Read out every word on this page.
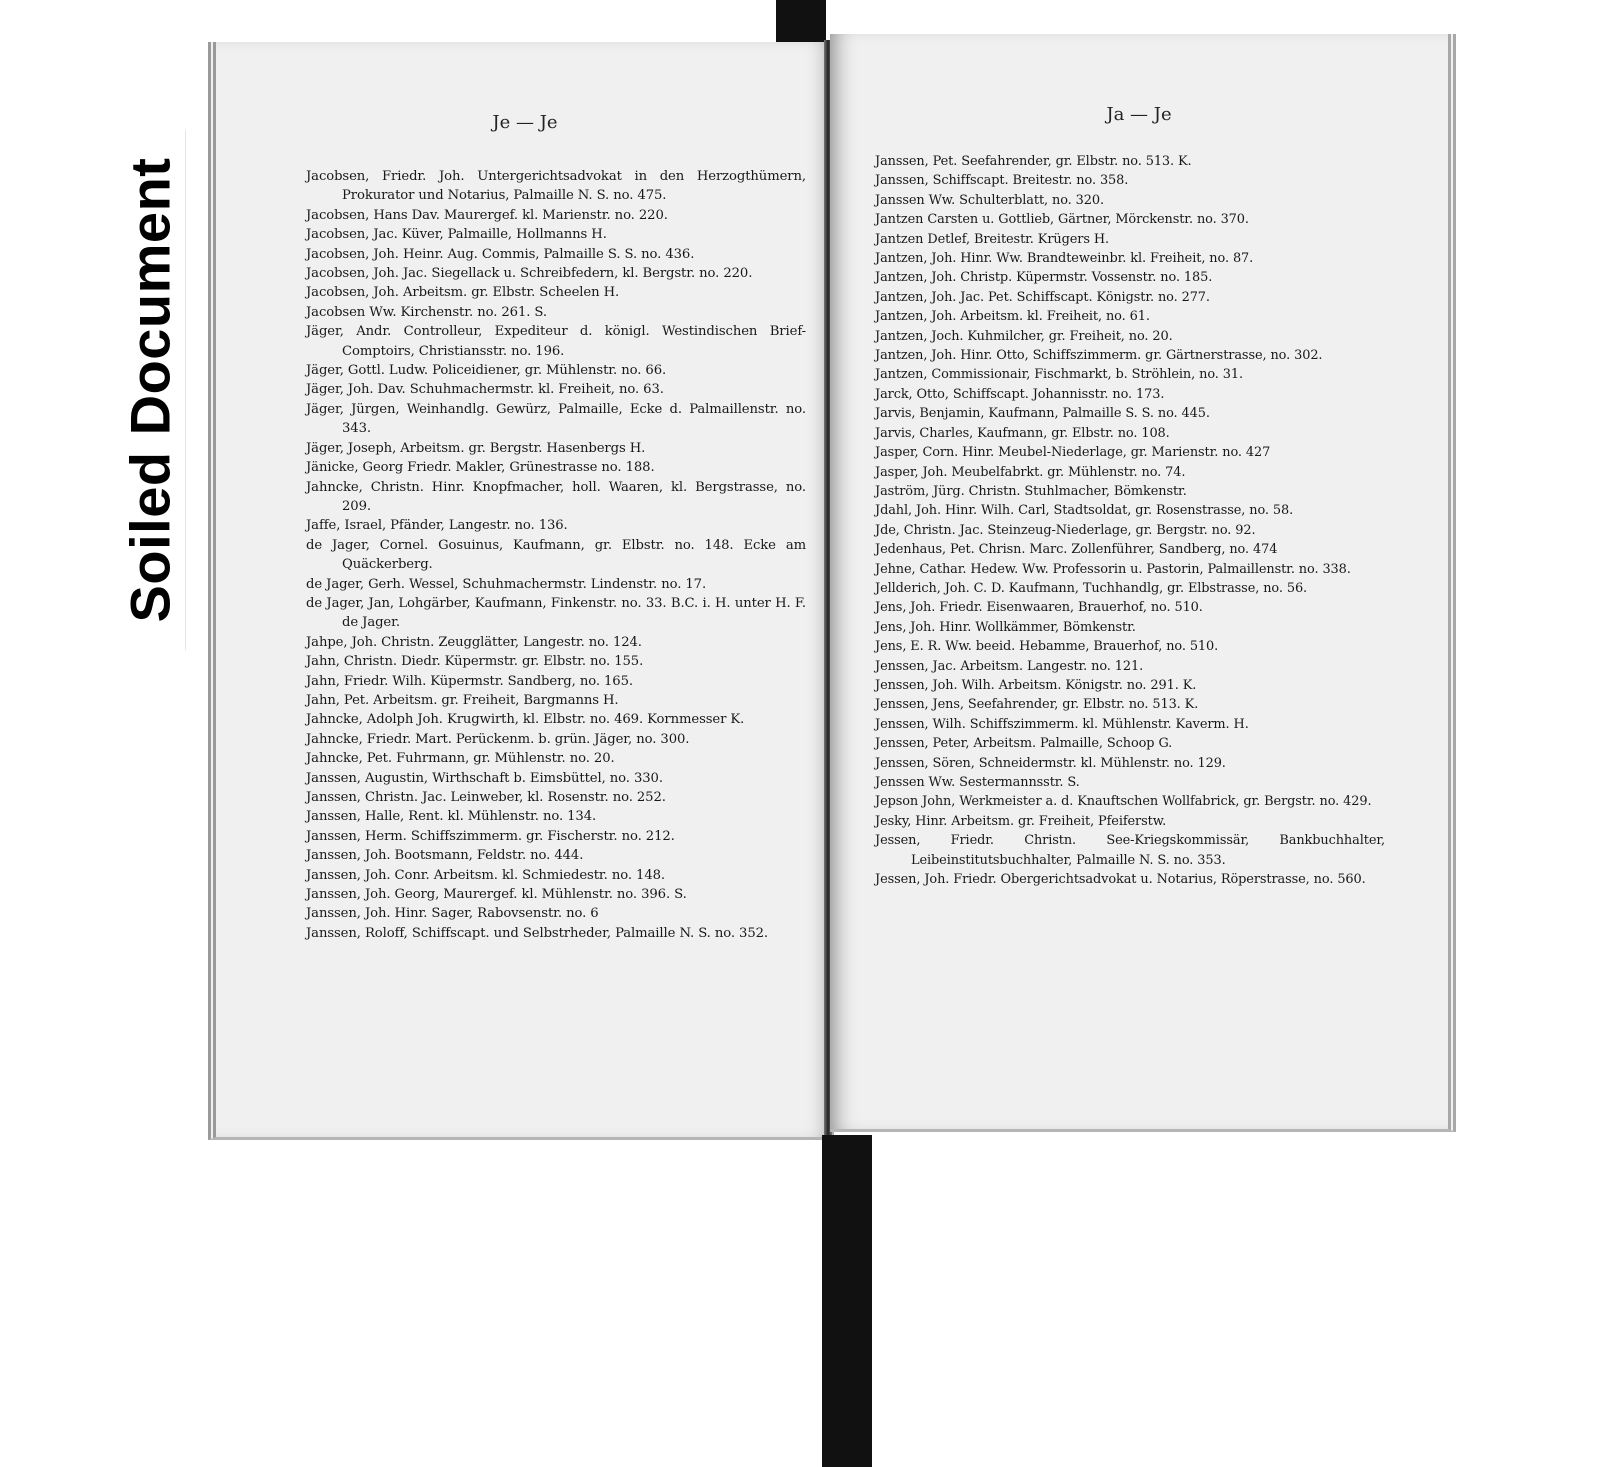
Soiled Document
Je — Je
Jacobsen, Friedr. Joh. Untergerichtsadvokat in den Herzogthümern, Prokurator und Notarius, Palmaille N. S. no. 475.
Jacobsen, Hans Dav. Maurergef. kl. Marienstr. no. 220.
Jacobsen, Jac. Küver, Palmaille, Hollmanns H.
Jacobsen, Joh. Heinr. Aug. Commis, Palmaille S. S. no. 436.
Jacobsen, Joh. Jac. Siegellack u. Schreibfedern, kl. Bergstr. no. 220.
Jacobsen, Joh. Arbeitsm. gr. Elbstr. Scheelen H.
Jacobsen Ww. Kirchenstr. no. 261. S.
Jäger, Andr. Controlleur, Expediteur d. königl. Westindischen Brief-Comptoirs, Christiansstr. no. 196.
Jäger, Gottl. Ludw. Policeidiener, gr. Mühlenstr. no. 66.
Jäger, Joh. Dav. Schuhmachermstr. kl. Freiheit, no. 63.
Jäger, Jürgen, Weinhandlg. Gewürz, Palmaille, Ecke d. Palmaillenstr. no. 343.
Jäger, Joseph, Arbeitsm. gr. Bergstr. Hasenbergs H.
Jänicke, Georg Friedr. Makler, Grünestrasse no. 188.
Jahncke, Christn. Hinr. Knopfmacher, holl. Waaren, kl. Bergstrasse, no. 209.
Jaffe, Israel, Pfänder, Langestr. no. 136.
de Jager, Cornel. Gosuinus, Kaufmann, gr. Elbstr. no. 148. Ecke am Quäckerberg.
de Jager, Gerh. Wessel, Schuhmachermstr. Lindenstr. no. 17.
de Jager, Jan, Lohgärber, Kaufmann, Finkenstr. no. 33. B.C. i. H. unter H. F. de Jager.
Jahpe, Joh. Christn. Zeugglätter, Langestr. no. 124.
Jahn, Christn. Diedr. Küpermstr. gr. Elbstr. no. 155.
Jahn, Friedr. Wilh. Küpermstr. Sandberg, no. 165.
Jahn, Pet. Arbeitsm. gr. Freiheit, Bargmanns H.
Jahncke, Adolph Joh. Krugwirth, kl. Elbstr. no. 469. Kornmesser K.
Jahncke, Friedr. Mart. Perückenm. b. grün. Jäger, no. 300.
Jahncke, Pet. Fuhrmann, gr. Mühlenstr. no. 20.
Janssen, Augustin, Wirthschaft b. Eimsbüttel, no. 330.
Janssen, Christn. Jac. Leinweber, kl. Rosenstr. no. 252.
Janssen, Halle, Rent. kl. Mühlenstr. no. 134.
Janssen, Herm. Schiffszimmerm. gr. Fischerstr. no. 212.
Janssen, Joh. Bootsmann, Feldstr. no. 444.
Janssen, Joh. Conr. Arbeitsm. kl. Schmiedestr. no. 148.
Janssen, Joh. Georg, Maurergef. kl. Mühlenstr. no. 396. S.
Janssen, Joh. Hinr. Sager, Rabovsenstr. no. 6
Janssen, Roloff, Schiffscapt. und Selbstrheder, Palmaille N. S. no. 352.
Ja — Je
Janssen, Pet. Seefahrender, gr. Elbstr. no. 513. K.
Janssen, Schiffscapt. Breitestr. no. 358.
Janssen Ww. Schulterblatt, no. 320.
Jantzen Carsten u. Gottlieb, Gärtner, Mörckenstr. no. 370.
Jantzen Detlef, Breitestr. Krügers H.
Jantzen, Joh. Hinr. Ww. Brandteweinbr. kl. Freiheit, no. 87.
Jantzen, Joh. Christp. Küpermstr. Vossenstr. no. 185.
Jantzen, Joh. Jac. Pet. Schiffscapt. Königstr. no. 277.
Jantzen, Joh. Arbeitsm. kl. Freiheit, no. 61.
Jantzen, Joch. Kuhmilcher, gr. Freiheit, no. 20.
Jantzen, Joh. Hinr. Otto, Schiffszimmerm. gr. Gärtnerstrasse, no. 302.
Jantzen, Commissionair, Fischmarkt, b. Ströhlein, no. 31.
Jarck, Otto, Schiffscapt. Johannisstr. no. 173.
Jarvis, Benjamin, Kaufmann, Palmaille S. S. no. 445.
Jarvis, Charles, Kaufmann, gr. Elbstr. no. 108.
Jasper, Corn. Hinr. Meubel-Niederlage, gr. Marienstr. no. 427
Jasper, Joh. Meubelfabrkt. gr. Mühlenstr. no. 74.
Jaström, Jürg. Christn. Stuhlmacher, Bömkenstr.
Jdahl, Joh. Hinr. Wilh. Carl, Stadtsoldat, gr. Rosenstrasse, no. 58.
Jde, Christn. Jac. Steinzeug-Niederlage, gr. Bergstr. no. 92.
Jedenhaus, Pet. Chrisn. Marc. Zollenführer, Sandberg, no. 474
Jehne, Cathar. Hedew. Ww. Professorin u. Pastorin, Palmaillenstr. no. 338.
Jellderich, Joh. C. D. Kaufmann, Tuchhandlg, gr. Elbstrasse, no. 56.
Jens, Joh. Friedr. Eisenwaaren, Brauerhof, no. 510.
Jens, Joh. Hinr. Wollkämmer, Bömkenstr.
Jens, E. R. Ww. beeid. Hebamme, Brauerhof, no. 510.
Jenssen, Jac. Arbeitsm. Langestr. no. 121.
Jenssen, Joh. Wilh. Arbeitsm. Königstr. no. 291. K.
Jenssen, Jens, Seefahrender, gr. Elbstr. no. 513. K.
Jenssen, Wilh. Schiffszimmerm. kl. Mühlenstr. Kaverm. H.
Jenssen, Peter, Arbeitsm. Palmaille, Schoop G.
Jenssen, Sören, Schneidermstr. kl. Mühlenstr. no. 129.
Jenssen Ww. Sestermannsstr. S.
Jepson John, Werkmeister a. d. Knauftschen Wollfabrick, gr. Bergstr. no. 429.
Jesky, Hinr. Arbeitsm. gr. Freiheit, Pfeiferstw.
Jessen, Friedr. Christn. See-Kriegskommissär, Bankbuchhalter, Leibeinstitutsbuchhalter, Palmaille N. S. no. 353.
Jessen, Joh. Friedr. Obergerichtsadvokat u. Notarius, Röperstrasse, no. 560.
